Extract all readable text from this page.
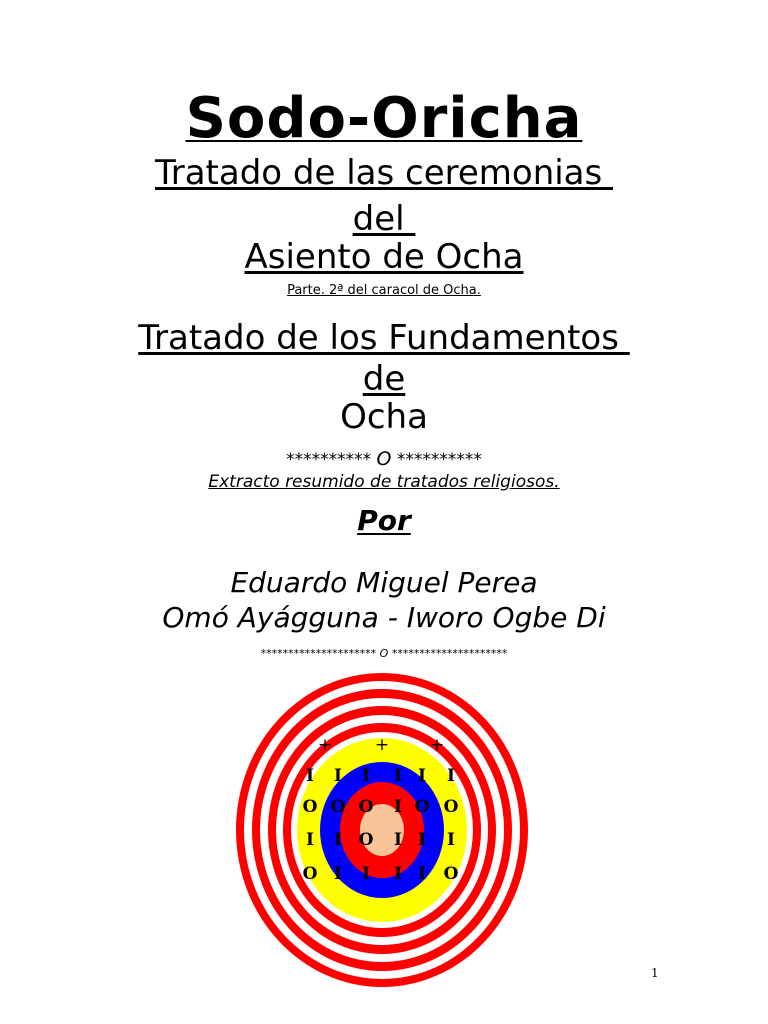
Sodo-Oricha
Tratado de las ceremonias
del
Asiento de Ocha
Parte. 2ª del caracol de Ocha.
Tratado de los Fundamentos
de
Ocha
********** O **********
Extracto resumido de tratados religiosos.
Por
Eduardo Miguel Perea
Omó Ayágguna - Iworo Ogbe Di
********************* O *********************
+	+ +
I I I I I I
O O O I O O
I I O I I I
O I I I I O
1
